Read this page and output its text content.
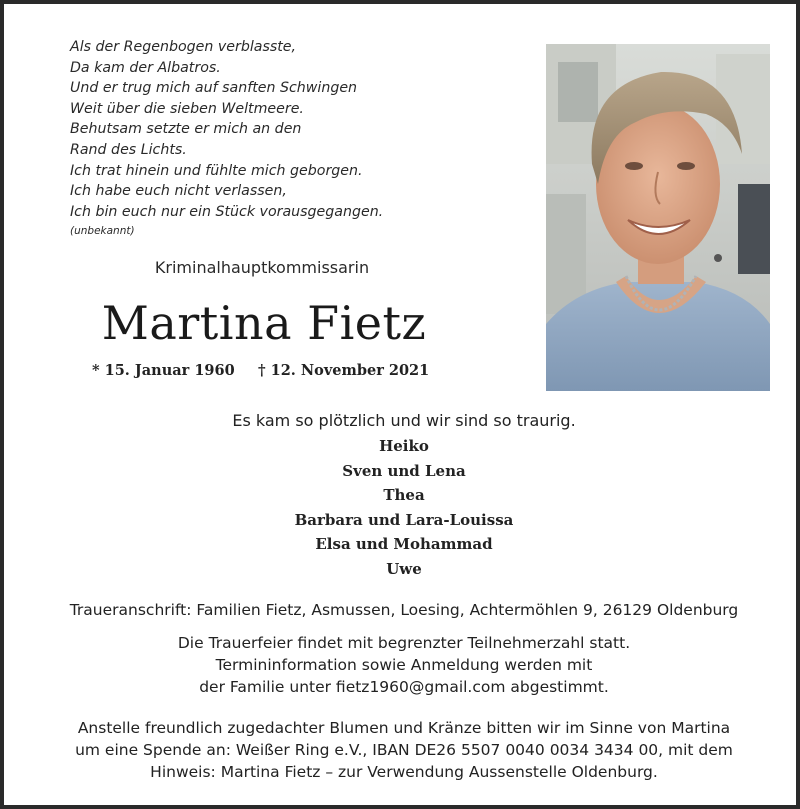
Als der Regenbogen verblasste,
Da kam der Albatros.
Und er trug mich auf sanften Schwingen
Weit über die sieben Weltmeere.
Behutsam setzte er mich an den
Rand des Lichts.
Ich trat hinein und fühlte mich geborgen.
Ich habe euch nicht verlassen,
Ich bin euch nur ein Stück vorausgegangen.
(unbekannt)
Kriminalhauptkommissarin
Martina Fietz
* 15. Januar 1960 † 12. November 2021
Es kam so plötzlich und wir sind so traurig.
Heiko
Sven und Lena
Thea
Barbara und Lara-Louissa
Elsa und Mohammad
Uwe
Traueranschrift: Familien Fietz, Asmussen, Loesing, Achtermöhlen 9, 26129 Oldenburg
Die Trauerfeier findet mit begrenzter Teilnehmerzahl statt.
Termininformation sowie Anmeldung werden mit
der Familie unter fietz1960@gmail.com abgestimmt.
Anstelle freundlich zugedachter Blumen und Kränze bitten wir im Sinne von Martina
um eine Spende an: Weißer Ring e.V., IBAN DE26 5507 0040 0034 3434 00, mit dem
Hinweis: Martina Fietz – zur Verwendung Aussenstelle Oldenburg.
